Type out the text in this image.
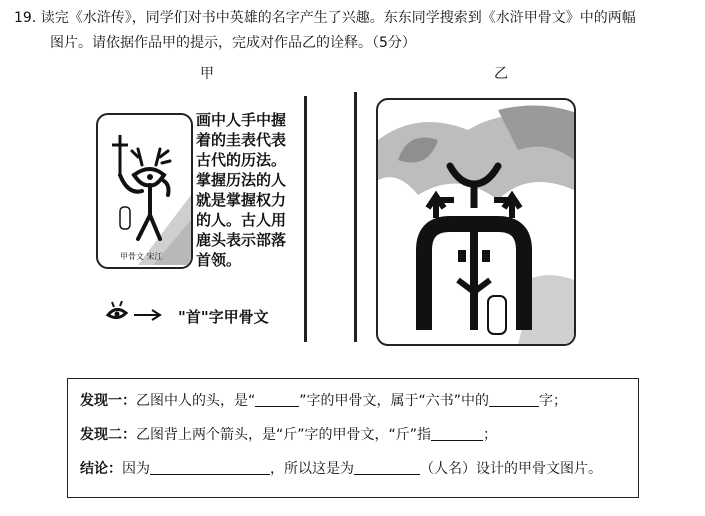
19. 读完《水浒传》，同学们对书中英雄的名字产生了兴趣。东东同学搜索到《水浒甲骨文》中的两幅
图片。请依据作品甲的提示，完成对作品乙的诠释。（5分）
甲	乙
甲骨文 宋江
画中人手中握
着的圭表代表
古代的历法。
掌握历法的人
就是掌握权力
的人。古人用
鹿头表示部落
首领。
"首"字甲骨文
发现一：乙图中人的头，是“	”字的甲骨文，属于“六书”中的	字；
发现二：乙图背上两个箭头，是“斤”字的甲骨文，“斤”指	；
结论：因为	，所以这是为	（人名）设计的甲骨文图片。
